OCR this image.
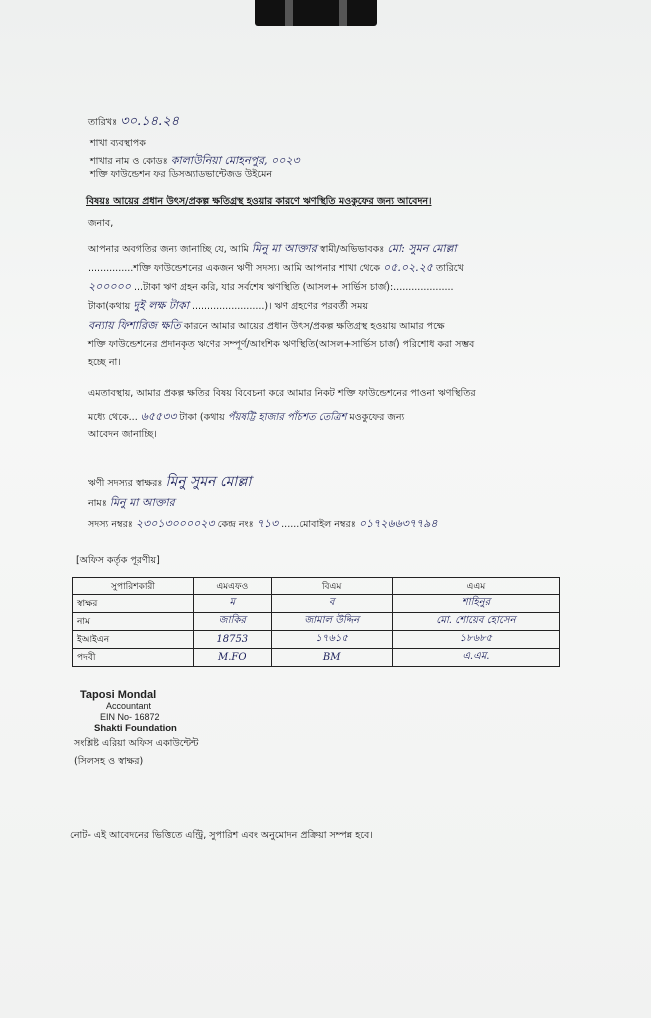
তারিখঃ ৩০.১৪.২৪
শাখা ব্যবস্থাপক
শাখার নাম ও কোডঃ কালাউনিয়া মোহনপুর, ০০২৩
শক্তি ফাউন্ডেশন ফর ডিসঅ্যাডভান্টেজড উইমেন
বিষয়ঃ আয়ের প্রধান উৎস/প্রকল্প ক্ষতিগ্রস্থ হওয়ার কারণে ঋণস্থিতি মওকুফের জন্য আবেদন।
জনাব,
আপনার অবগতির জন্য জানাচ্ছি যে, আমি মিনু মা আক্তার স্বামী/অভিভাবকঃ মো: সুমন মোল্লা
...............শক্তি ফাউন্ডেশনের একজন ঋণী সদস্য। আমি আপনার শাখা থেকে ০৫.০২.২৫ তারিখে
২০০০০০ ...টাকা ঋণ গ্রহন করি, যার সর্বশেষ ঋণস্থিতি (আসল+ সার্ভিস চার্জ):....................
টাকা(কথায় দুই লক্ষ টাকা ........................)। ঋণ গ্রহণের পরবর্তী সময়
বন্যায় ফিশারিজ ক্ষতি কারনে আমার আয়ের প্রধান উৎস/প্রকল্প ক্ষতিগ্রস্থ হওয়ায় আমার পক্ষে
শক্তি ফাউন্ডেশনের প্রদানকৃত ঋণের সম্পূর্ণ/আংশিক ঋণস্থিতি(আসল+সার্ভিস চার্জ) পরিশোধ করা সম্ভব
হচ্ছে না।
এমতাবস্থায়, আমার প্রকল্প ক্ষতির বিষয় বিবেচনা করে আমার নিকট শক্তি ফাউন্ডেশনের পাওনা ঋণস্থিতির
মধ্যে থেকে... ৬৫৫৩৩ টাকা (কথায় পঁয়ষট্টি হাজার পাঁচশত তেত্রিশ মওকুফের জন্য
আবেদন জানাচ্ছি।
ঋণী সদস্যর স্বাক্ষরঃ মিনু সুমন মোল্লা
নামঃ মিনু মা আক্তার
সদস্য নম্বরঃ ২৩০১৩০০০০২৩ কেন্দ্র নংঃ ৭১৩ ......মোবাইল নম্বরঃ ০১৭২৬৬৩৭৭৯৪
[অফিস কর্তৃক পূরণীয়]
সুপারিশকারী	এমএফও	বিএম	এএম
স্বাক্ষর	ম	ব	শাহিনুর
নাম	জাকির	জামাল উদ্দিন	মো. শোয়েব হোসেন
ইআইএন	18753	১৭৬১৫	১৮৬৮৫
পদবী	M.FO	BM	এ.এম.
Taposi Mondal
Accountant
EIN No- 16872
Shakti Foundation
সংশ্লিষ্ট এরিয়া অফিস একাউন্টেন্ট
(সিলসহ ও স্বাক্ষর)
নোট- এই আবেদনের ভিত্তিতে এন্ট্রি, সুপারিশ এবং অনুমোদন প্রক্রিয়া সম্পন্ন হবে।
